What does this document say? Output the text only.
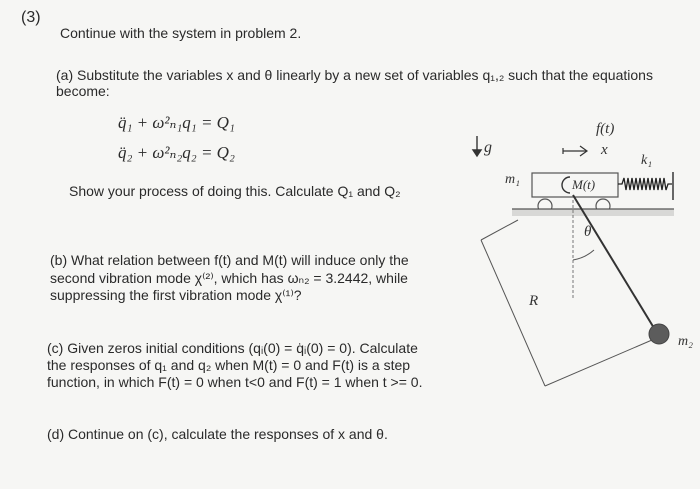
(3)
Continue with the system in problem 2.
(a) Substitute the variables x and θ linearly by a new set of variables q₁,₂ such that the equations
become:
q̈₁ + ω²ₙ₁q₁ = Q₁
q̈₂ + ω²ₙ₂q₂ = Q₂
Show your process of doing this. Calculate Q₁ and Q₂
(b) What relation between f(t) and M(t) will induce only the
second vibration mode χ⁽²⁾, which has ωₙ₂ = 3.2442, while
suppressing the first vibration mode χ⁽¹⁾?
(c) Given zeros initial conditions (qᵢ(0) = q̇ᵢ(0) = 0). Calculate
the responses of q₁ and q₂ when M(t) = 0 and F(t) is a step
function, in which F(t) = 0 when t<0 and F(t) = 1 when t >= 0.
(d) Continue on (c), calculate the responses of x and θ.
g
f(t)
x
k₁
m₁	M(t)
θ
R
m₂
